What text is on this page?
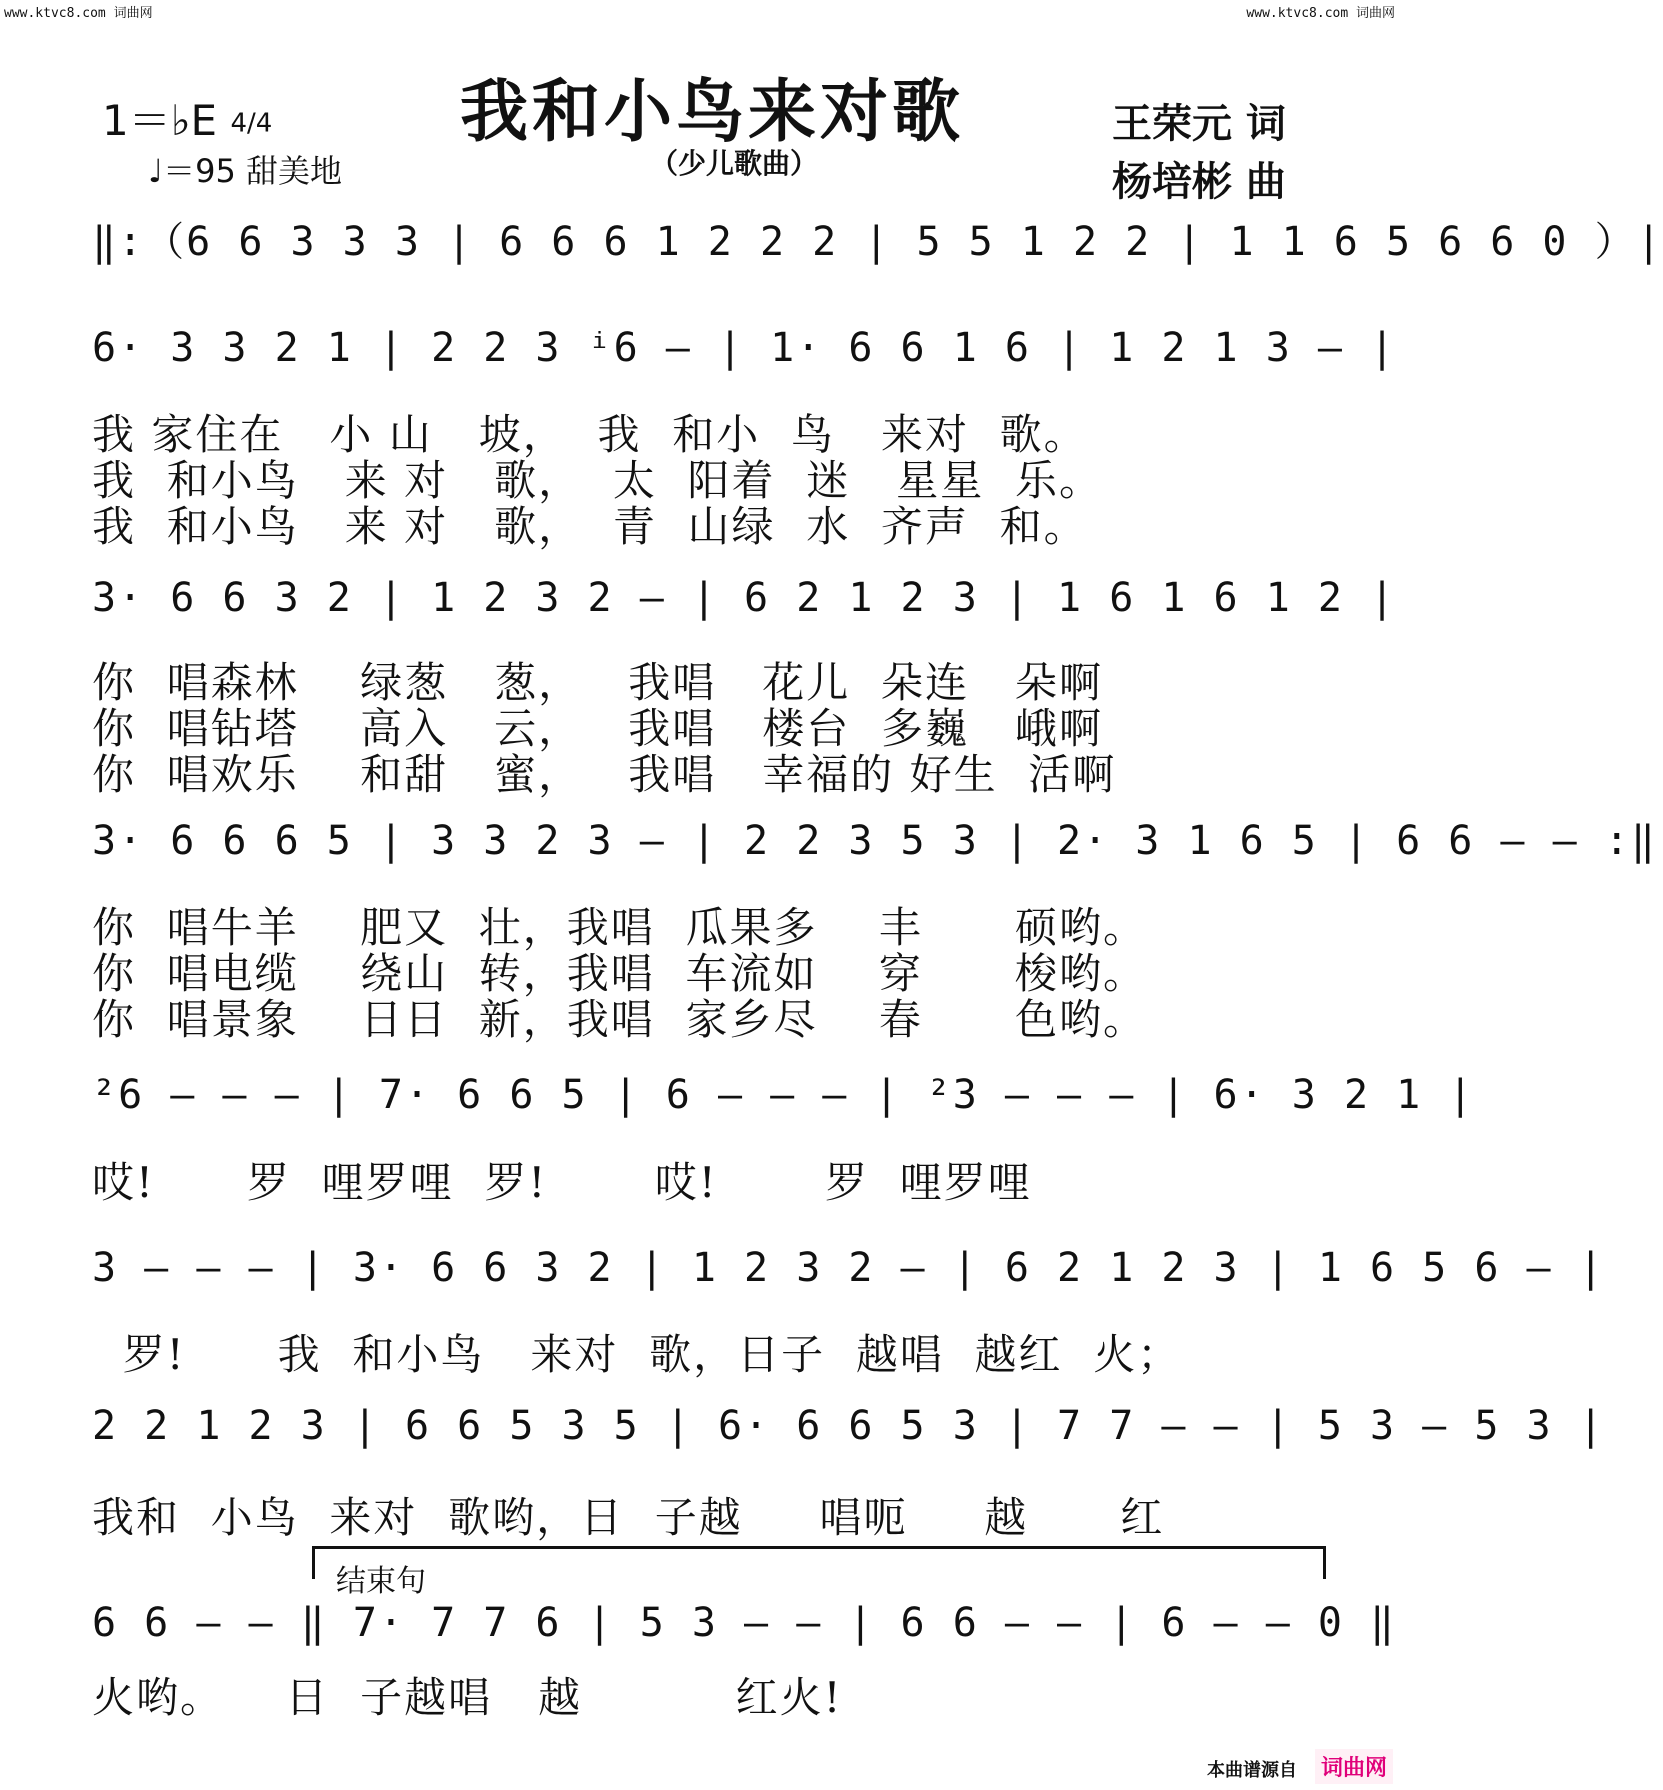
www.ktvc8.com 词曲网	www.ktvc8.com 词曲网
1＝♭E 4/4
♩＝95 甜美地
我和小鸟来对歌
（少儿歌曲）
王荣元 词
杨培彬 曲
‖:（6 6 3 3 3 | 6 6 6 1 2 2 2 | 5 5 1 2 2 | 1 1 6 5 6 6 0 ）|
6· 3 3 2 1 | 2 2 3 ⁱ6 – | 1· 6 6 1 6 | 1 2 1 3 – |
我 家住在   小 山   坡，  我  和小  鸟   来对  歌。
我  和小鸟   来 对   歌，  太  阳着  迷   星星  乐。
我  和小鸟   来 对   歌，  青  山绿  水  齐声  和。
3· 6 6 3 2 | 1 2 3 2 – | 6 2 1 2 3 | 1 6 1 6 1 2 |
你  唱森林    绿葱   葱，   我唱   花儿  朵连   朵啊
你  唱钻塔    高入   云，   我唱   楼台  多巍   峨啊
你  唱欢乐    和甜   蜜，   我唱   幸福的 好生  活啊
3· 6 6 6 5 | 3 3 2 3 – | 2 2 3 5 3 | 2· 3 1 6 5 | 6 6 – – :‖
你  唱牛羊    肥又  壮，我唱  瓜果多    丰      硕哟。
你  唱电缆    绕山  转，我唱  车流如    穿      梭哟。
你  唱景象    日日  新，我唱  家乡尽    春      色哟。
²6 – – – | 7· 6 6 5 | 6 – – – | ²3 – – – | 6· 3 2 1 |
哎!      罗  哩罗哩  罗!       哎!       罗  哩罗哩
3 – – – | 3· 6 6 3 2 | 1 2 3 2 – | 6 2 1 2 3 | 1 6 5 6 – |
罗!      我  和小鸟   来对  歌，日子  越唱  越红  火；
2 2 1 2 3 | 6 6 5 3 5 | 6· 6 6 5 3 | 7 7 – – | 5 3 – 5 3 |
我和  小鸟  来对  歌哟，日  子越     唱呃     越      红
结束句
6 6 – – ‖ 7· 7 7 6 | 5 3 – – | 6 6 – – | 6 – – 0 ‖
火哟。    日  子越唱   越          红火!
本曲谱源自 词曲网
